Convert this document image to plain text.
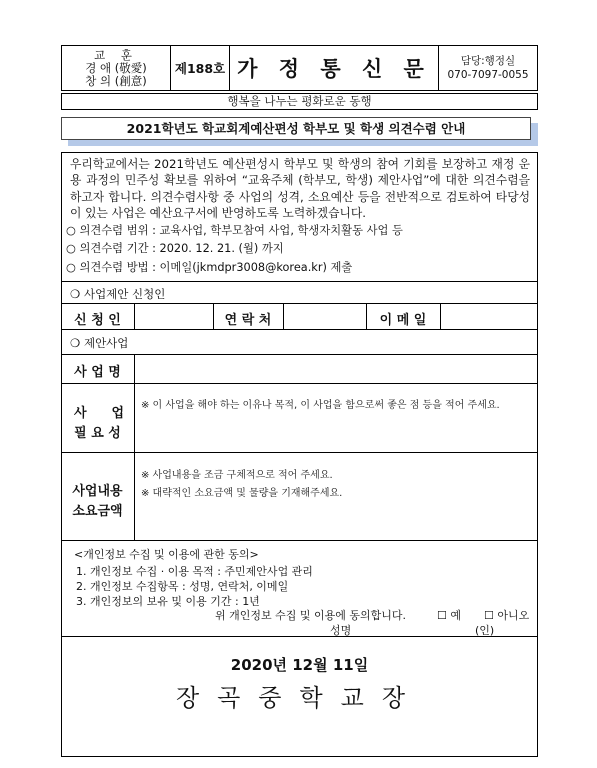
교 훈
경 애 (敬愛)
창 의 (創意)
제188호 가 정 통 신 문	담당:행정실
070-7097-0055
행복을 나누는 평화로운 동행
2021학년도 학교회계예산편성 학부모 및 학생 의견수렴 안내
우리학교에서는 2021학년도 예산편성시 학부모 및 학생의 참여 기회를 보장하고 재정 운용 과정의 민주성 확보를 위하여 “교육주체 (학부모, 학생) 제안사업”에 대한 의견수렴을 하고자 합니다. 의견수렴사항 중 사업의 성격, 소요예산 등을 전반적으로 검토하여 타당성이 있는 사업은 예산요구서에 반영하도록 노력하겠습니다.
○ 의견수렴 범위 : 교육사업, 학부모참여 사업, 학생자치활동 사업 등
○ 의견수렴 기간 : 2020. 12. 21. (월) 까지
○ 의견수렴 방법 : 이메일(jkmdpr3008@korea.kr) 제출
❍ 사업제안 신청인
신 청 인	연 락 처	이 메 일
❍ 제안사업
사 업 명
사 업
필 요 성
※ 이 사업을 해야 하는 이유나 목적, 이 사업을 함으로써 좋은 점 등을 적어 주세요.
사업내용
소요금액
※ 사업내용을 조금 구체적으로 적어 주세요.
※ 대략적인 소요금액 및 물량을 기재해주세요.
<개인정보 수집 및 이용에 관한 동의>
1. 개인정보 수집 · 이용 목적 : 주민제안사업 관리
2. 개인정보 수집항목 : 성명, 연락처, 이메일
3. 개인정보의 보유 및 이용 기간 : 1년
위 개인정보 수집 및 이용에 동의합니다.	☐ 예 ☐ 아니오
성명	(인)
2020년 12월 11일
장곡중학교장
